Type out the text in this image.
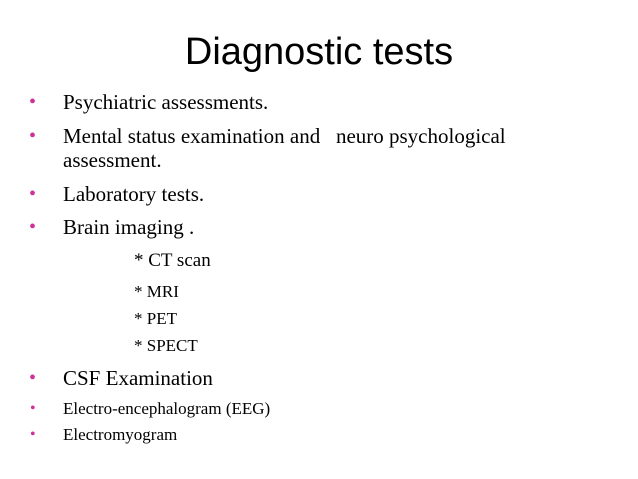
Diagnostic tests
• Psychiatric assessments.
• Mental status examination and   neuro psychological
assessment.
• Laboratory tests.
• Brain imaging .
* CT scan
* MRI
* PET
* SPECT
• CSF Examination
• Electro-encephalogram (EEG)
• Electromyogram
